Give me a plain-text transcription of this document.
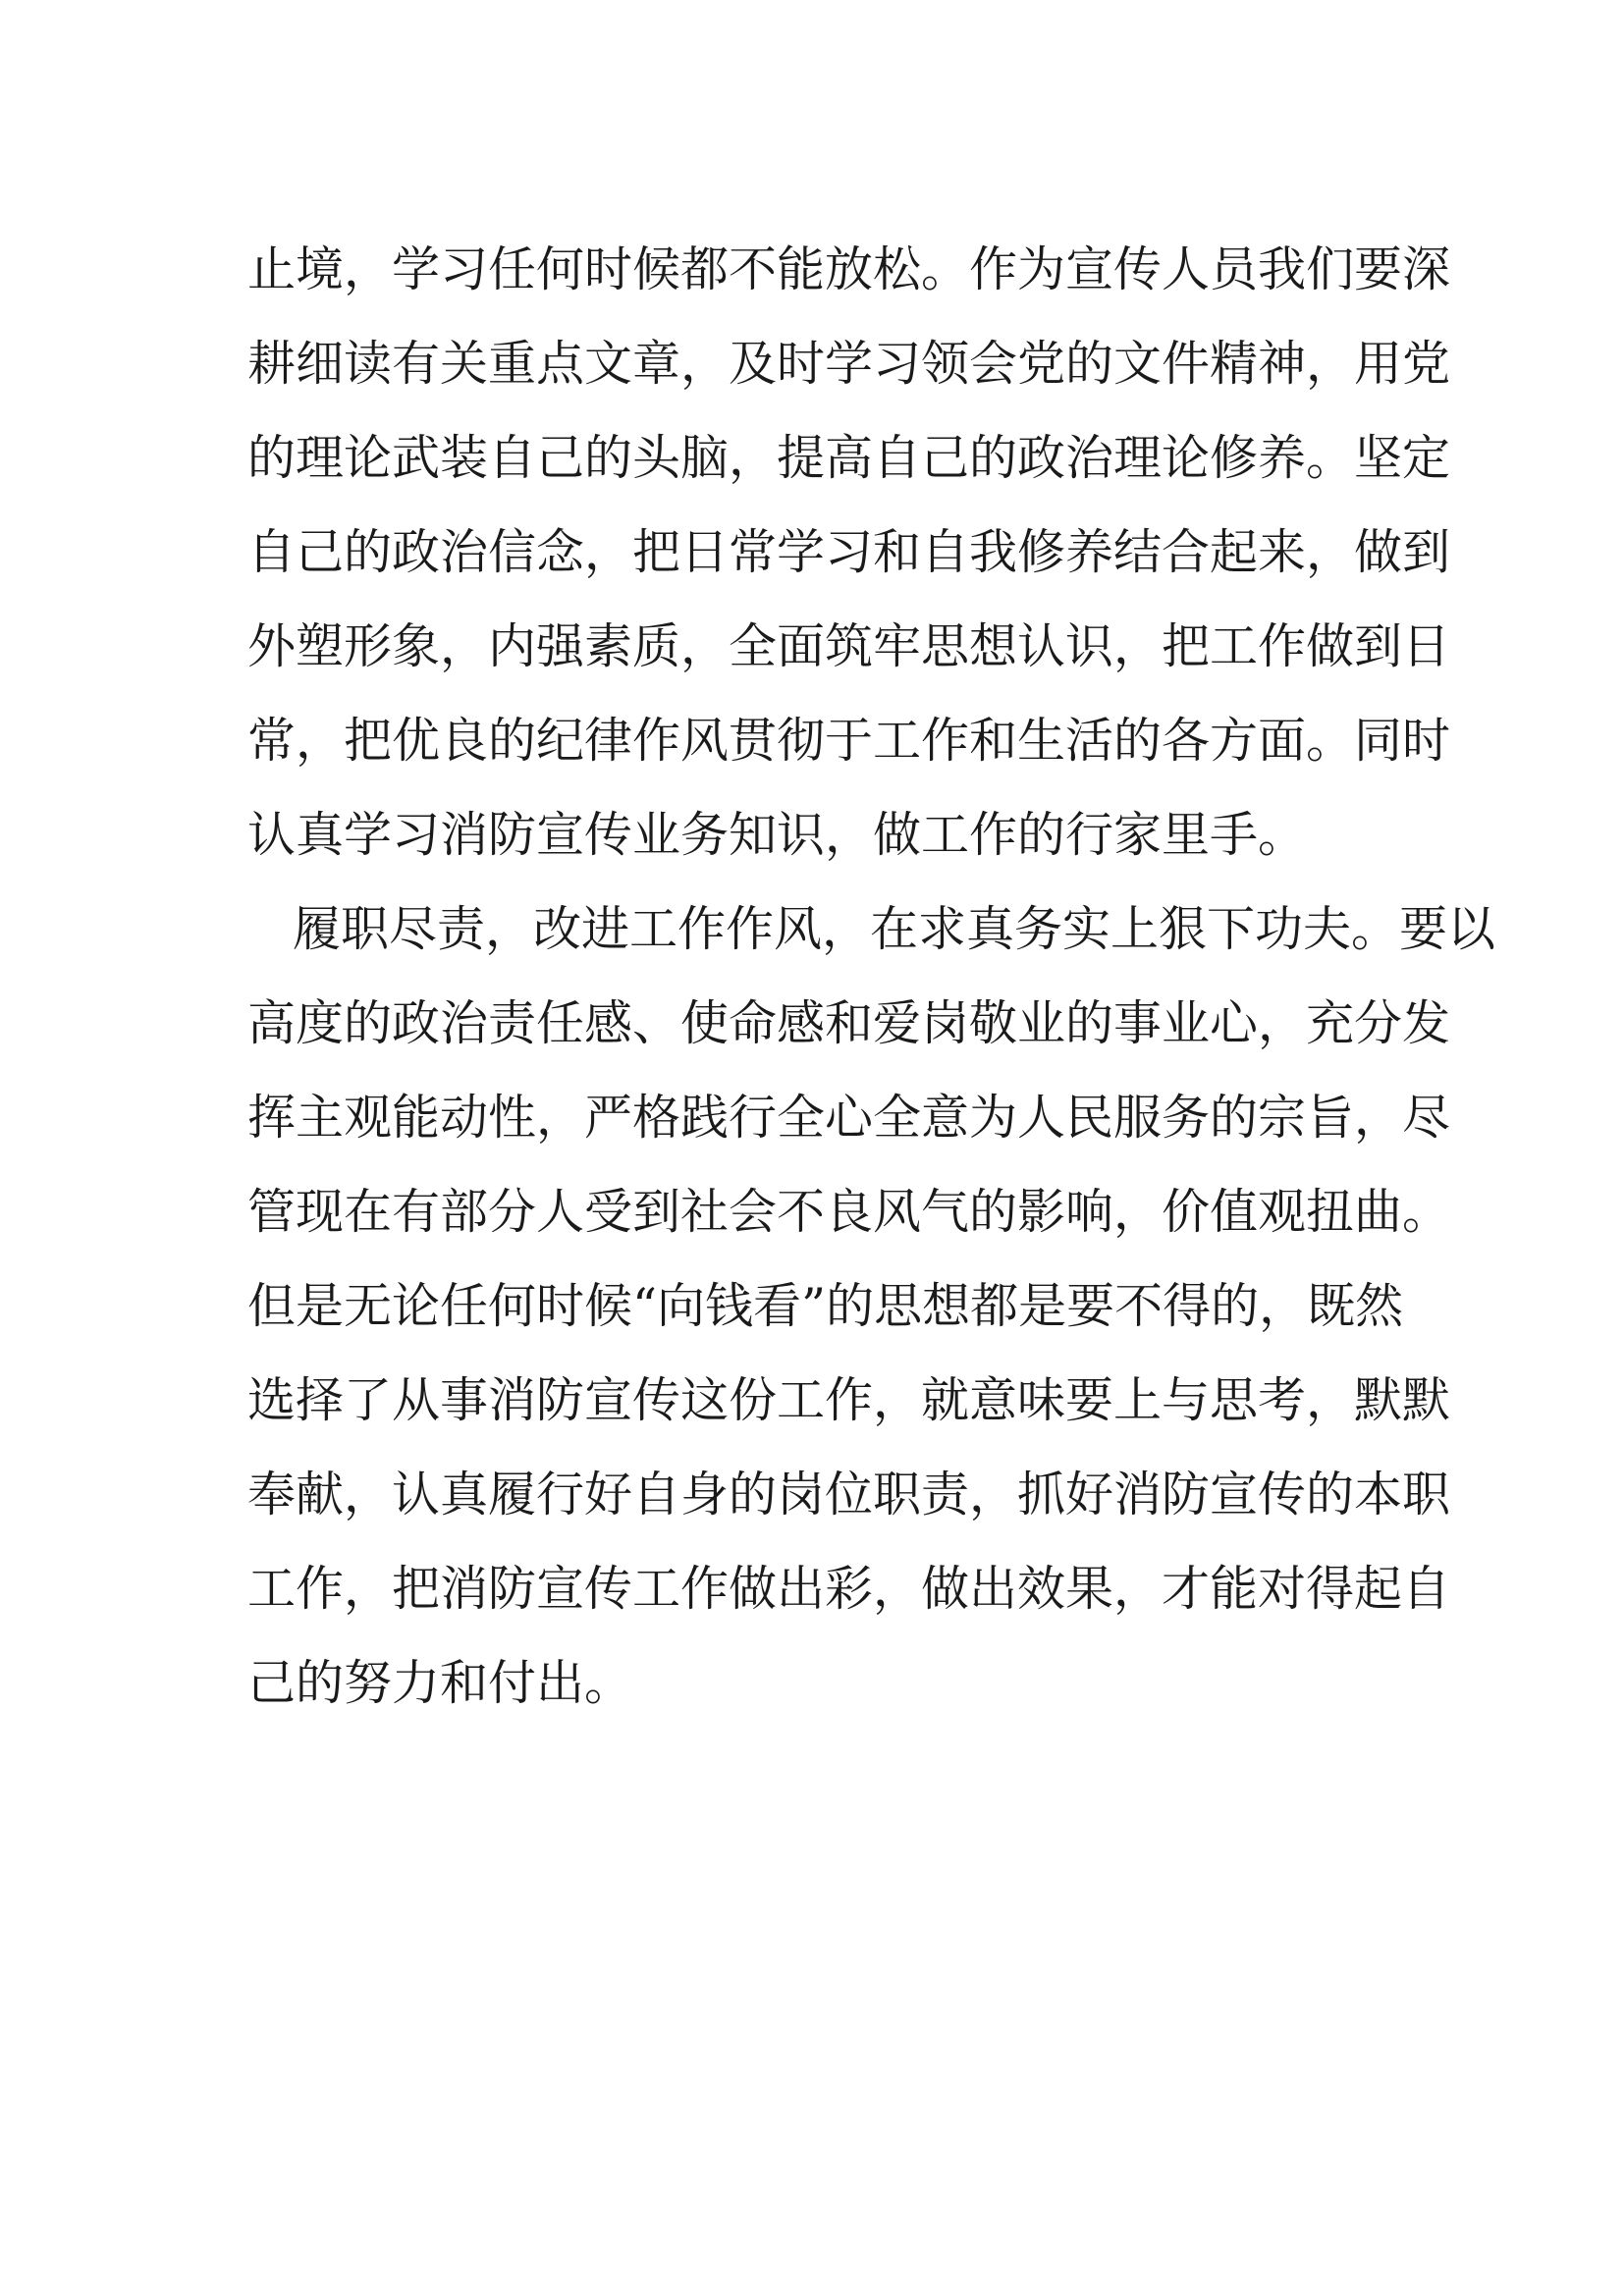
止境，学习任何时候都不能放松。作为宣传人员我们要深
耕细读有关重点文章，及时学习领会党的文件精神，用党
的理论武装自己的头脑，提高自己的政治理论修养。坚定
自己的政治信念，把日常学习和自我修养结合起来，做到
外塑形象，内强素质，全面筑牢思想认识，把工作做到日
常，把优良的纪律作风贯彻于工作和生活的各方面。同时
认真学习消防宣传业务知识，做工作的行家里手。
履职尽责，改进工作作风，在求真务实上狠下功夫。要以
高度的政治责任感、使命感和爱岗敬业的事业心，充分发
挥主观能动性，严格践行全心全意为人民服务的宗旨，尽
管现在有部分人受到社会不良风气的影响，价值观扭曲。
但是无论任何时候“向钱看”的思想都是要不得的，既然
选择了从事消防宣传这份工作，就意味要上与思考，默默
奉献，认真履行好自身的岗位职责，抓好消防宣传的本职
工作，把消防宣传工作做出彩，做出效果，才能对得起自
己的努力和付出。
